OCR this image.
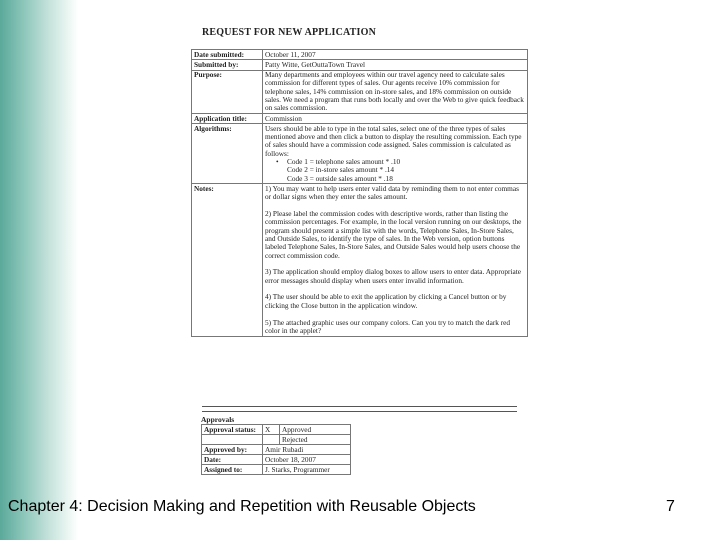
REQUEST FOR NEW APPLICATION
Date submitted:	October 11, 2007
Submitted by:	Patty Witte, GetOuttaTown Travel
Purpose:	Many departments and employees within our travel agency need to calculate sales commission for different types of sales. Our agents receive 10% commission for telephone sales, 14% commission on in-store sales, and 18% commission on outside sales. We need a program that runs both locally and over the Web to give quick feedback on sales commission.
Application title:	Commission
Algorithms:	Users should be able to type in the total sales, select one of the three types of sales mentioned above and then click a button to display the resulting commission. Each type of sales should have a commission code assigned. Sales commission is calculated as follows:
• Code 1 = telephone sales amount * .10
Code 2 = in-store sales amount * .14
Code 3 = outside sales amount * .18

Notes:	1) You may want to help users enter valid data by reminding them to not enter commas or dollar signs when they enter the sales amount.

2) Please label the commission codes with descriptive words, rather than listing the commission percentages. For example, in the local version running on our desktops, the program should present a simple list with the words, Telephone Sales, In-Store Sales, and Outside Sales, to identify the type of sales. In the Web version, option buttons labeled Telephone Sales, In-Store Sales, and Outside Sales would help users choose the correct commission code.

3) The application should employ dialog boxes to allow users to enter data. Appropriate error messages should display when users enter invalid information.

4) The user should be able to exit the application by clicking a Cancel button or by clicking the Close button in the application window.

5) The attached graphic uses our company colors. Can you try to match the dark red color in the applet?

Approvals
Approval status:	X	Approved
		Rejected
Approved by:	Amir Rubadi	
Date:	October 18, 2007	
Assigned to:	J. Starks, Programmer	
Chapter 4: Decision Making and Repetition with Reusable Objects	7
